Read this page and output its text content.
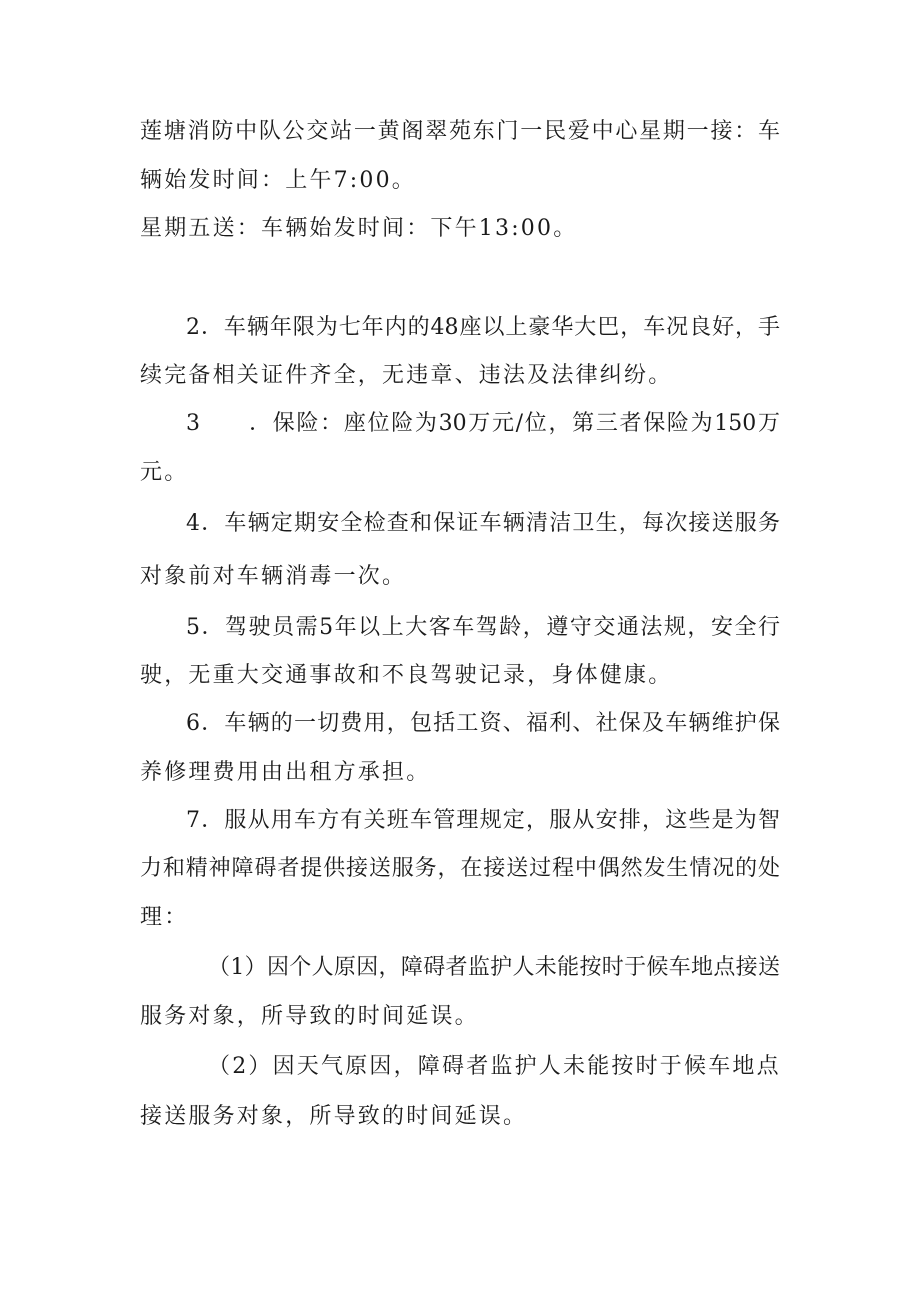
莲塘消防中队公交站一黄阁翠苑东门一民爱中心星期一接：车
辆始发时间：上午7:00。
星期五送：车辆始发时间：下午13:00。
2．车辆年限为七年内的48座以上豪华大巴，车况良好，手
续完备相关证件齐全，无违章、违法及法律纠纷。
3　　．保险：座位险为30万元/位，第三者保险为150万
元。
4．车辆定期安全检查和保证车辆清洁卫生，每次接送服务
对象前对车辆消毒一次。
5．驾驶员需5年以上大客车驾龄，遵守交通法规，安全行
驶，无重大交通事故和不良驾驶记录，身体健康。
6．车辆的一切费用，包括工资、福利、社保及车辆维护保
养修理费用由出租方承担。
7．服从用车方有关班车管理规定，服从安排，这些是为智
力和精神障碍者提供接送服务，在接送过程中偶然发生情况的处
理：
（1）因个人原因，障碍者监护人未能按时于候车地点接送
服务对象，所导致的时间延误。
（2）因天气原因，障碍者监护人未能按时于候车地点
接送服务对象，所导致的时间延误。
